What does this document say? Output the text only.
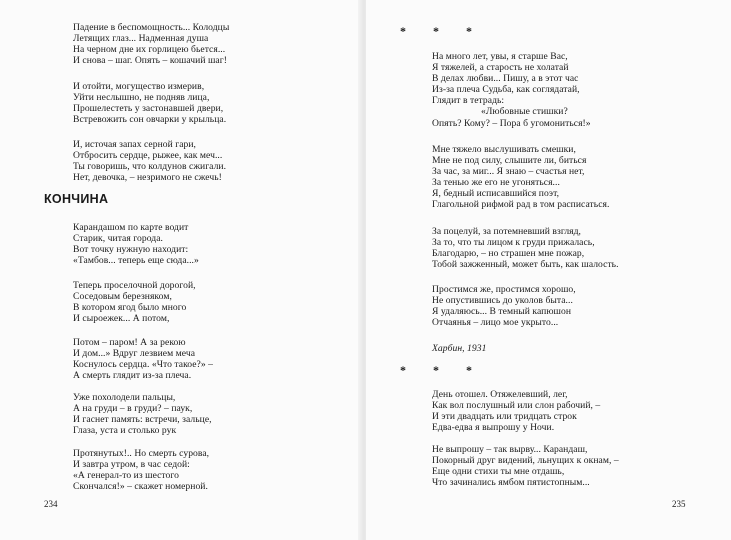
Падение в беспомощность... Колодцы
Летящих глаз... Надменная душа
На черном дне их горлицею бьется...
И снова – шаг. Опять – кошачий шаг!
И отойти, могущество измерив,
Уйти неслышно, не подняв лица,
Прошелестеть у застонавшей двери,
Встревожить сон овчарки у крыльца.
И, источая запах серной гари,
Отбросить сердце, рыжее, как меч...
Ты говоришь, что колдунов сжигали.
Нет, девочка, – незримого не сжечь!
КОНЧИНА
Карандашом по карте водит
Старик, читая города.
Вот точку нужную находит:
«Тамбов... теперь еще сюда...»
Теперь проселочной дорогой,
Соседовым березняком,
В котором ягод было много
И сыроежек... А потом,
Потом – паром! А за рекою
И дом...» Вдруг лезвием меча
Коснулось сердца. «Что такое?» –
А смерть глядит из-за плеча.
Уже похолодели пальцы,
А на груди – в груди? – паук,
И гаснет память: встречи, зальце,
Глаза, уста и столько рук
Протянутых!.. Но смерть сурова,
И завтра утром, в час седой:
«А генерал-то из шестого
Скончался!» – скажет номерной.
234
* * *
На много лет, увы, я старше Вас,
Я тяжелей, а старость не холатай
В делах любви... Пишу, а в этот час
Из-за плеча Судьба, как соглядатай,
Глядит в тетрадь:
«Любовные стишки?
Опять? Кому? – Пора б угомониться!»
Мне тяжело выслушивать смешки,
Мне не под силу, слышите ли, биться
За час, за миг... Я знаю – счастья нет,
За тенью же его не угоняться...
Я, бедный исписавшийся поэт,
Глагольной рифмой рад в том расписаться.
За поцелуй, за потемневший взгляд,
За то, что ты лицом к груди прижалась,
Благодарю, – но страшен мне пожар,
Тобой зажженный, может быть, как шалость.
Простимся же, простимся хорошо,
Не опустившись до уколов быта...
Я удаляюсь... В темный капюшон
Отчаянья – лицо мое укрыто...
Харбин, 1931
* * *
День отошел. Отяжелевший, лег,
Как вол послушный или слон рабочий, –
И эти двадцать или тридцать строк
Едва-едва я выпрошу у Ночи.
Не выпрошу – так вырву... Карандаш,
Покорный друг видений, льнущих к окнам, –
Еще одни стихи ты мне отдашь,
Что зачинались ямбом пятистопным...
235
